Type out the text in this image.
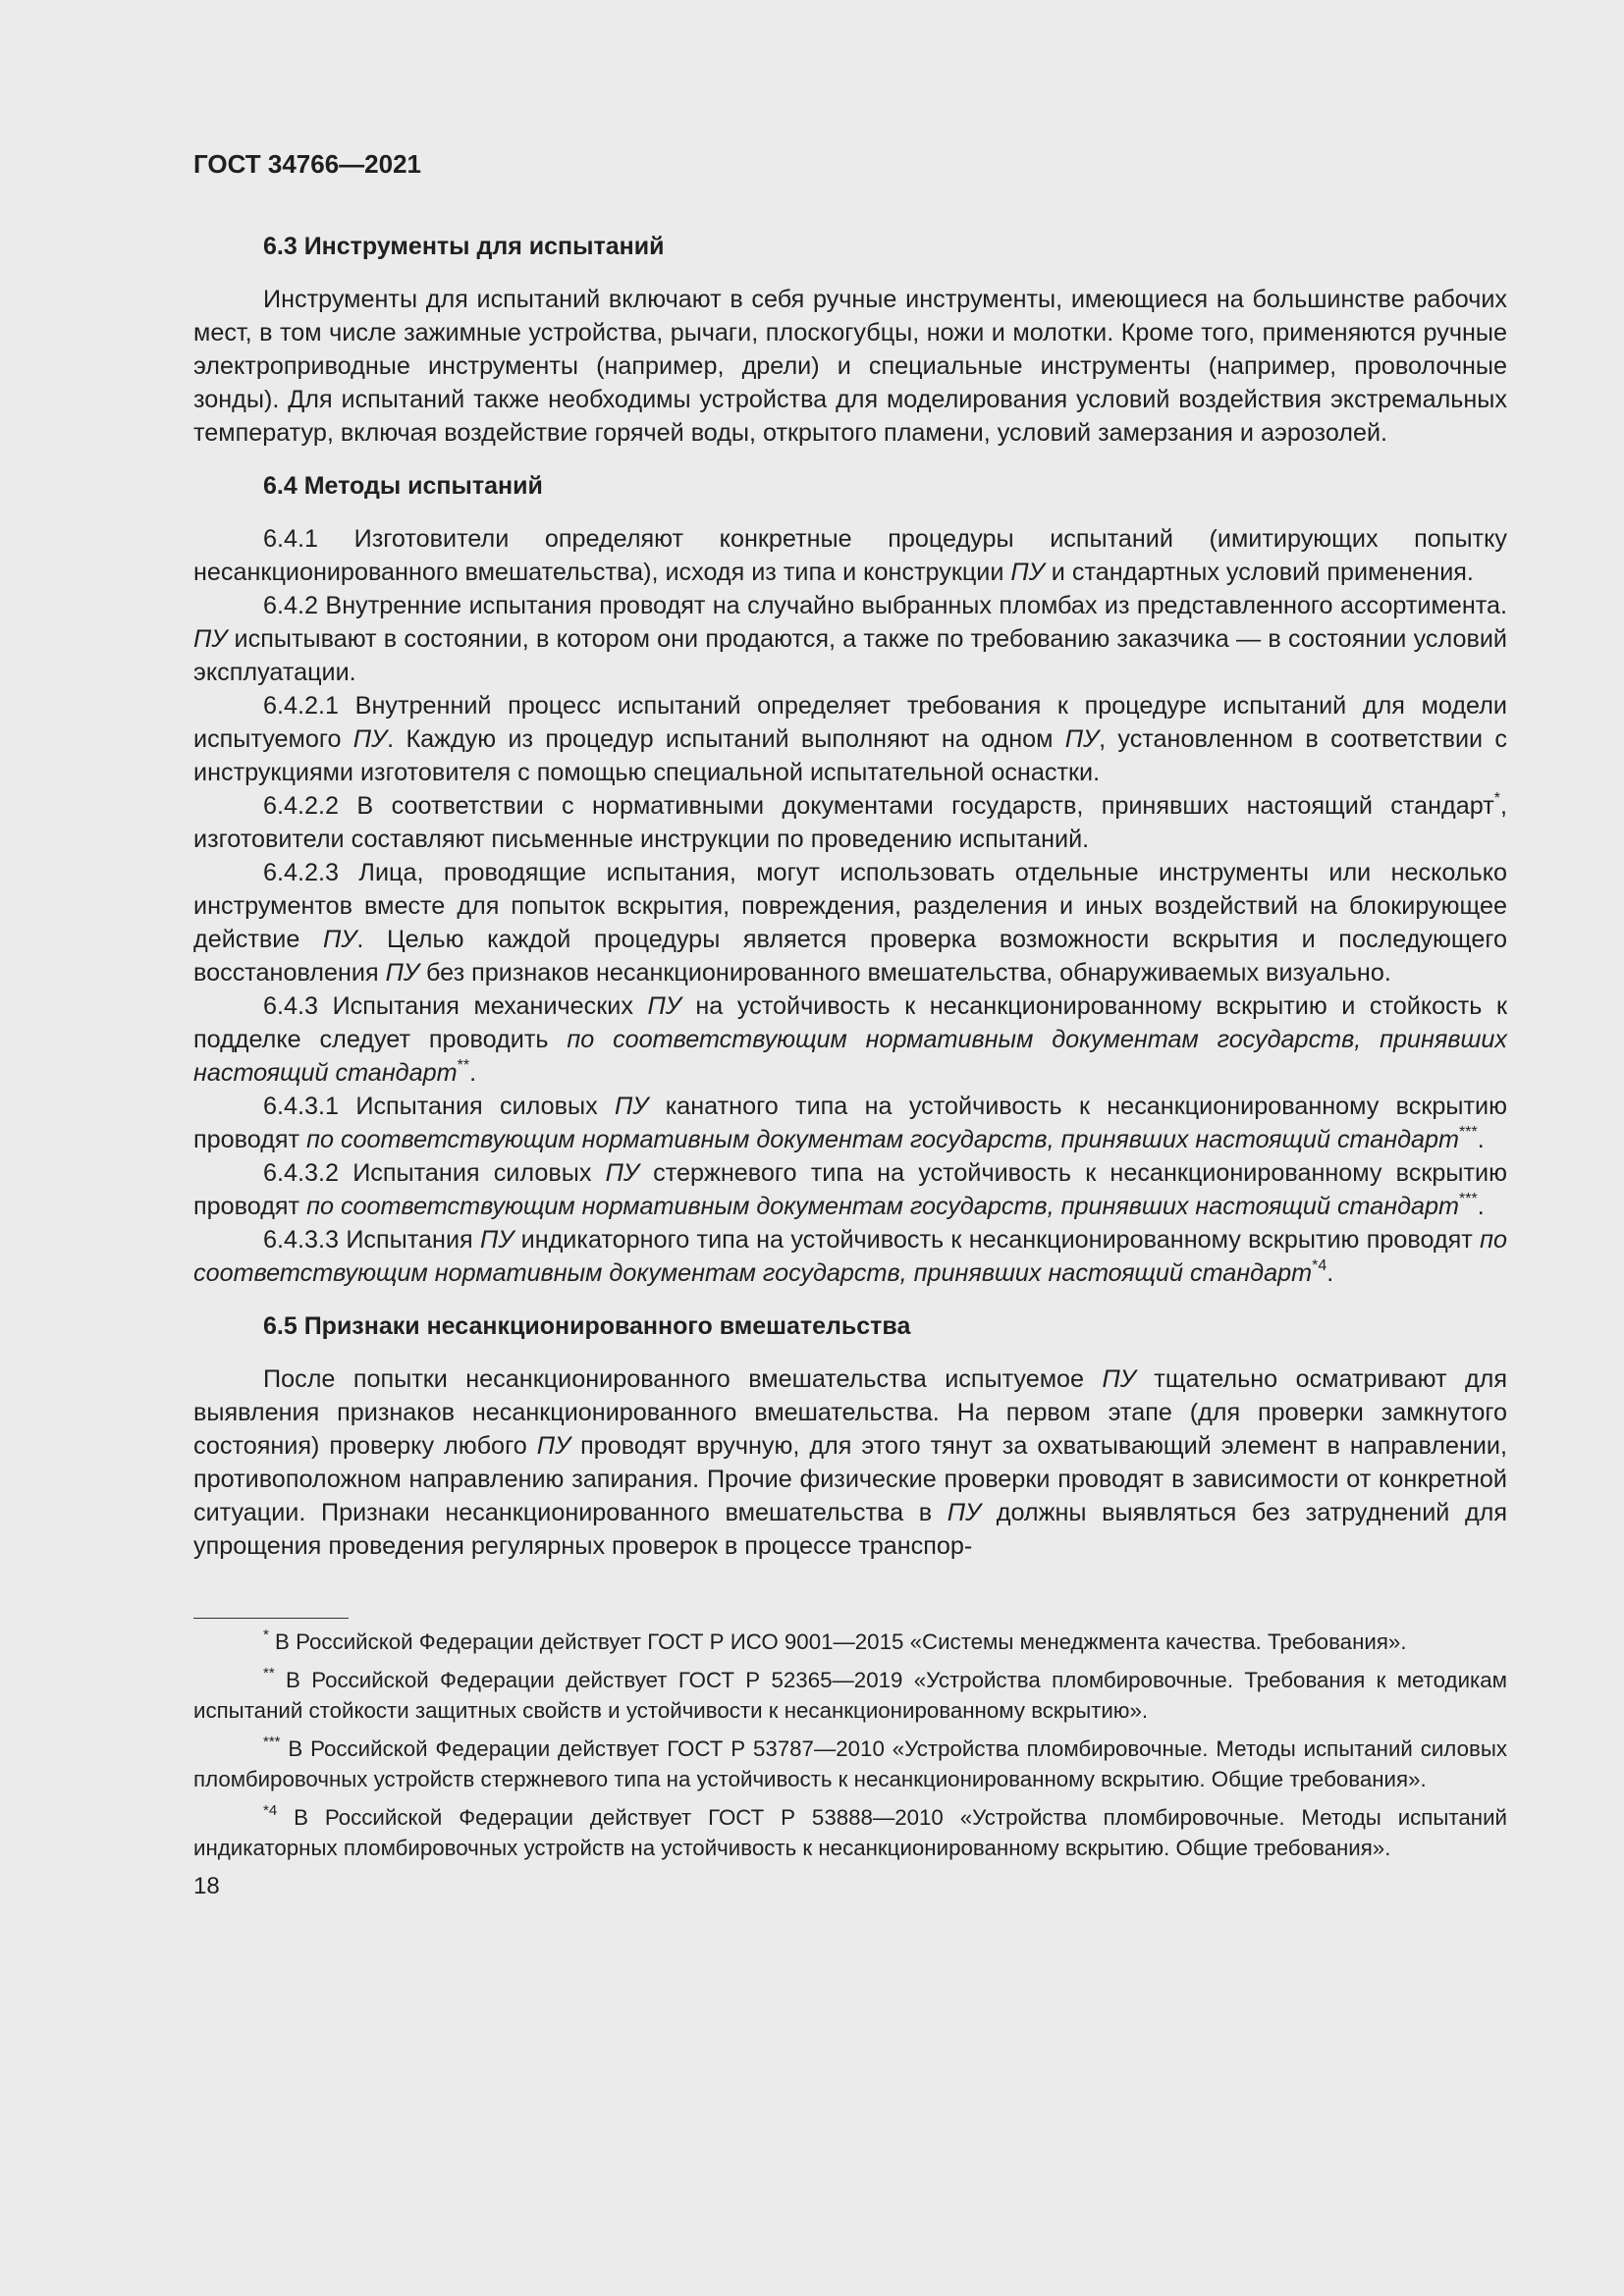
ГОСТ 34766—2021
6.3 Инструменты для испытаний

Инструменты для испытаний включают в себя ручные инструменты, имеющиеся на большинстве рабочих мест, в том числе зажимные устройства, рычаги, плоскогубцы, ножи и молотки. Кроме того, применяются ручные электроприводные инструменты (например, дрели) и специальные инструменты (например, проволочные зонды). Для испытаний также необходимы устройства для моделирования условий воздействия экстремальных температур, включая воздействие горячей воды, открытого пламени, условий замерзания и аэрозолей.

6.4 Методы испытаний

6.4.1 Изготовители определяют конкретные процедуры испытаний (имитирующих попытку несанкционированного вмешательства), исходя из типа и конструкции ПУ и стандартных условий применения.

6.4.2 Внутренние испытания проводят на случайно выбранных пломбах из представленного ассортимента. ПУ испытывают в состоянии, в котором они продаются, а также по требованию заказчика — в состоянии условий эксплуатации.

6.4.2.1 Внутренний процесс испытаний определяет требования к процедуре испытаний для модели испытуемого ПУ. Каждую из процедур испытаний выполняют на одном ПУ, установленном в соответствии с инструкциями изготовителя с помощью специальной испытательной оснастки.

6.4.2.2 В соответствии с нормативными документами государств, принявших настоящий стандарт*, изготовители составляют письменные инструкции по проведению испытаний.

6.4.2.3 Лица, проводящие испытания, могут использовать отдельные инструменты или несколько инструментов вместе для попыток вскрытия, повреждения, разделения и иных воздействий на блокирующее действие ПУ. Целью каждой процедуры является проверка возможности вскрытия и последующего восстановления ПУ без признаков несанкционированного вмешательства, обнаруживаемых визуально.

6.4.3 Испытания механических ПУ на устойчивость к несанкционированному вскрытию и стойкость к подделке следует проводить по соответствующим нормативным документам государств, принявших настоящий стандарт**.

6.4.3.1 Испытания силовых ПУ канатного типа на устойчивость к несанкционированному вскрытию проводят по соответствующим нормативным документам государств, принявших настоящий стандарт***.

6.4.3.2 Испытания силовых ПУ стержневого типа на устойчивость к несанкционированному вскрытию проводят по соответствующим нормативным документам государств, принявших настоящий стандарт***.

6.4.3.3 Испытания ПУ индикаторного типа на устойчивость к несанкционированному вскрытию проводят по соответствующим нормативным документам государств, принявших настоящий стандарт$^{*4}$.

6.5 Признаки несанкционированного вмешательства

После попытки несанкционированного вмешательства испытуемое ПУ тщательно осматривают для выявления признаков несанкционированного вмешательства. На первом этапе (для проверки замкнутого состояния) проверку любого ПУ проводят вручную, для этого тянут за охватывающий элемент в направлении, противоположном направлению запирания. Прочие физические проверки проводят в зависимости от конкретной ситуации. Признаки несанкционированного вмешательства в ПУ должны выявляться без затруднений для упрощения проведения регулярных проверок в процессе транспор-

* В Российской Федерации действует ГОСТ Р ИСО 9001—2015 «Системы менеджмента качества. Требования».

** В Российской Федерации действует ГОСТ Р 52365—2019 «Устройства пломбировочные. Требования к методикам испытаний стойкости защитных свойств и устойчивости к несанкционированному вскрытию».

*** В Российской Федерации действует ГОСТ Р 53787—2010 «Устройства пломбировочные. Методы испытаний силовых пломбировочных устройств стержневого типа на устойчивость к несанкционированному вскрытию. Общие требования».

$^{*4}$ В Российской Федерации действует ГОСТ Р 53888—2010 «Устройства пломбировочные. Методы испытаний индикаторных пломбировочных устройств на устойчивость к несанкционированному вскрытию. Общие требования».

18
